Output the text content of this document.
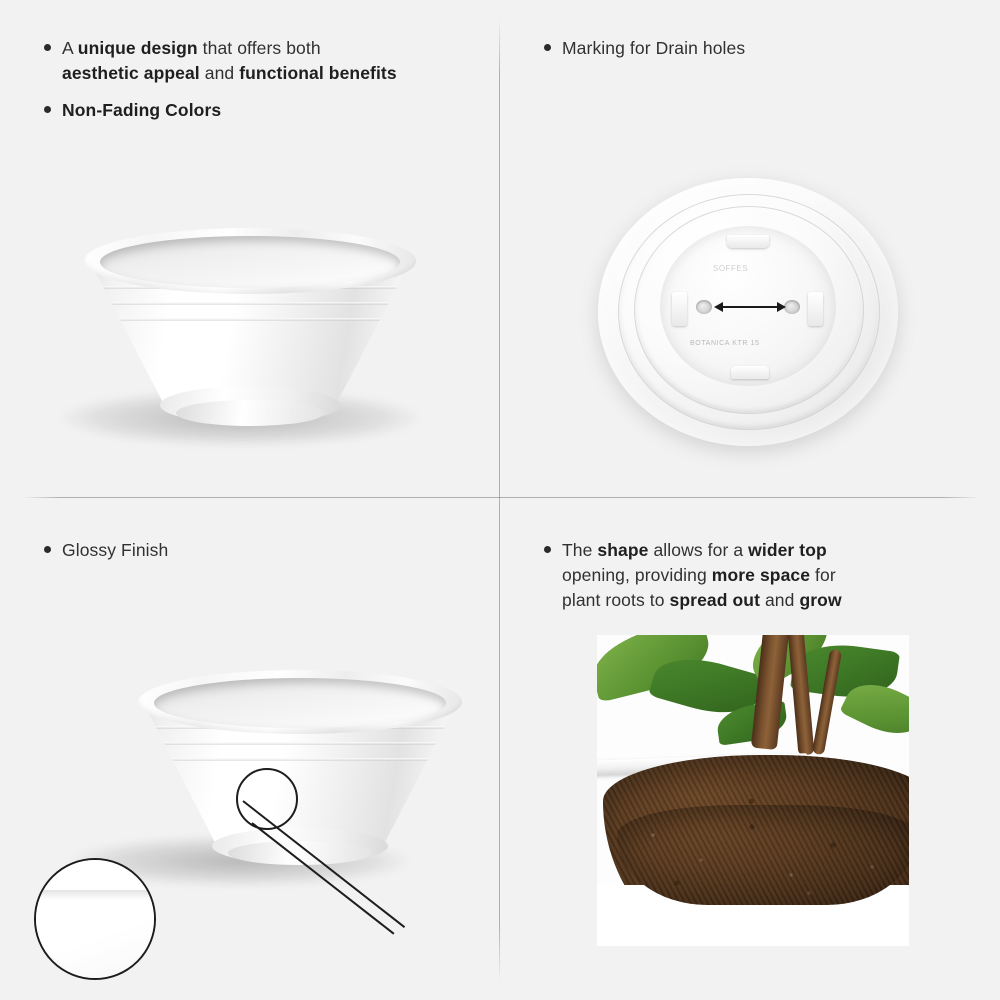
A unique design that offers both
aesthetic appeal and functional benefits
Non-Fading Colors
Marking for Drain holes
SOFFES
BOTANICA KTR 15
Glossy Finish	The shape allows for a wider top
opening, providing more space for
plant roots to spread out and grow
